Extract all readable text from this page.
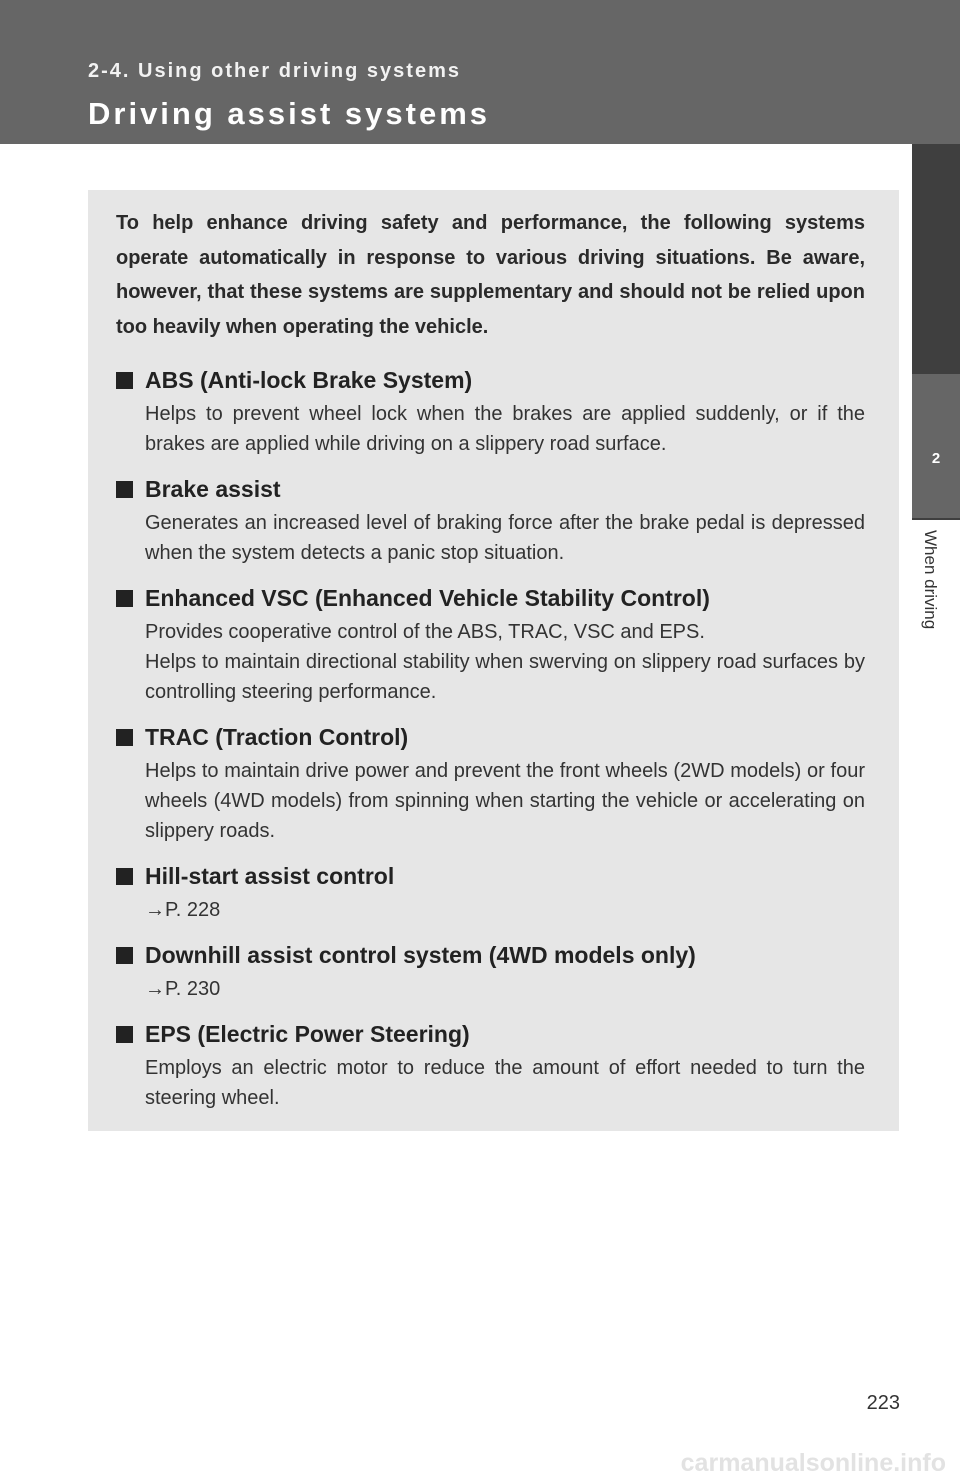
2-4. Using other driving systems

Driving assist systems
2
When driving

To help enhance driving safety and performance, the following systems operate automatically in response to various driving situations. Be aware, however, that these systems are supplementary and should not be relied upon too heavily when operating the vehicle.

ABS (Anti-lock Brake System)

Helps to prevent wheel lock when the brakes are applied suddenly, or if the brakes are applied while driving on a slippery road surface.

Brake assist

Generates an increased level of braking force after the brake pedal is depressed when the system detects a panic stop situation.

Enhanced VSC (Enhanced Vehicle Stability Control)

Provides cooperative control of the ABS, TRAC, VSC and EPS.

Helps to maintain directional stability when swerving on slippery road surfaces by controlling steering performance.

TRAC (Traction Control)

Helps to maintain drive power and prevent the front wheels (2WD models) or four wheels (4WD models) from spinning when starting the vehicle or accelerating on slippery roads.

Hill-start assist control

→P. 228

Downhill assist control system (4WD models only)

→P. 230

EPS (Electric Power Steering)

Employs an electric motor to reduce the amount of effort needed to turn the steering wheel.

223
carmanualsonline.info
